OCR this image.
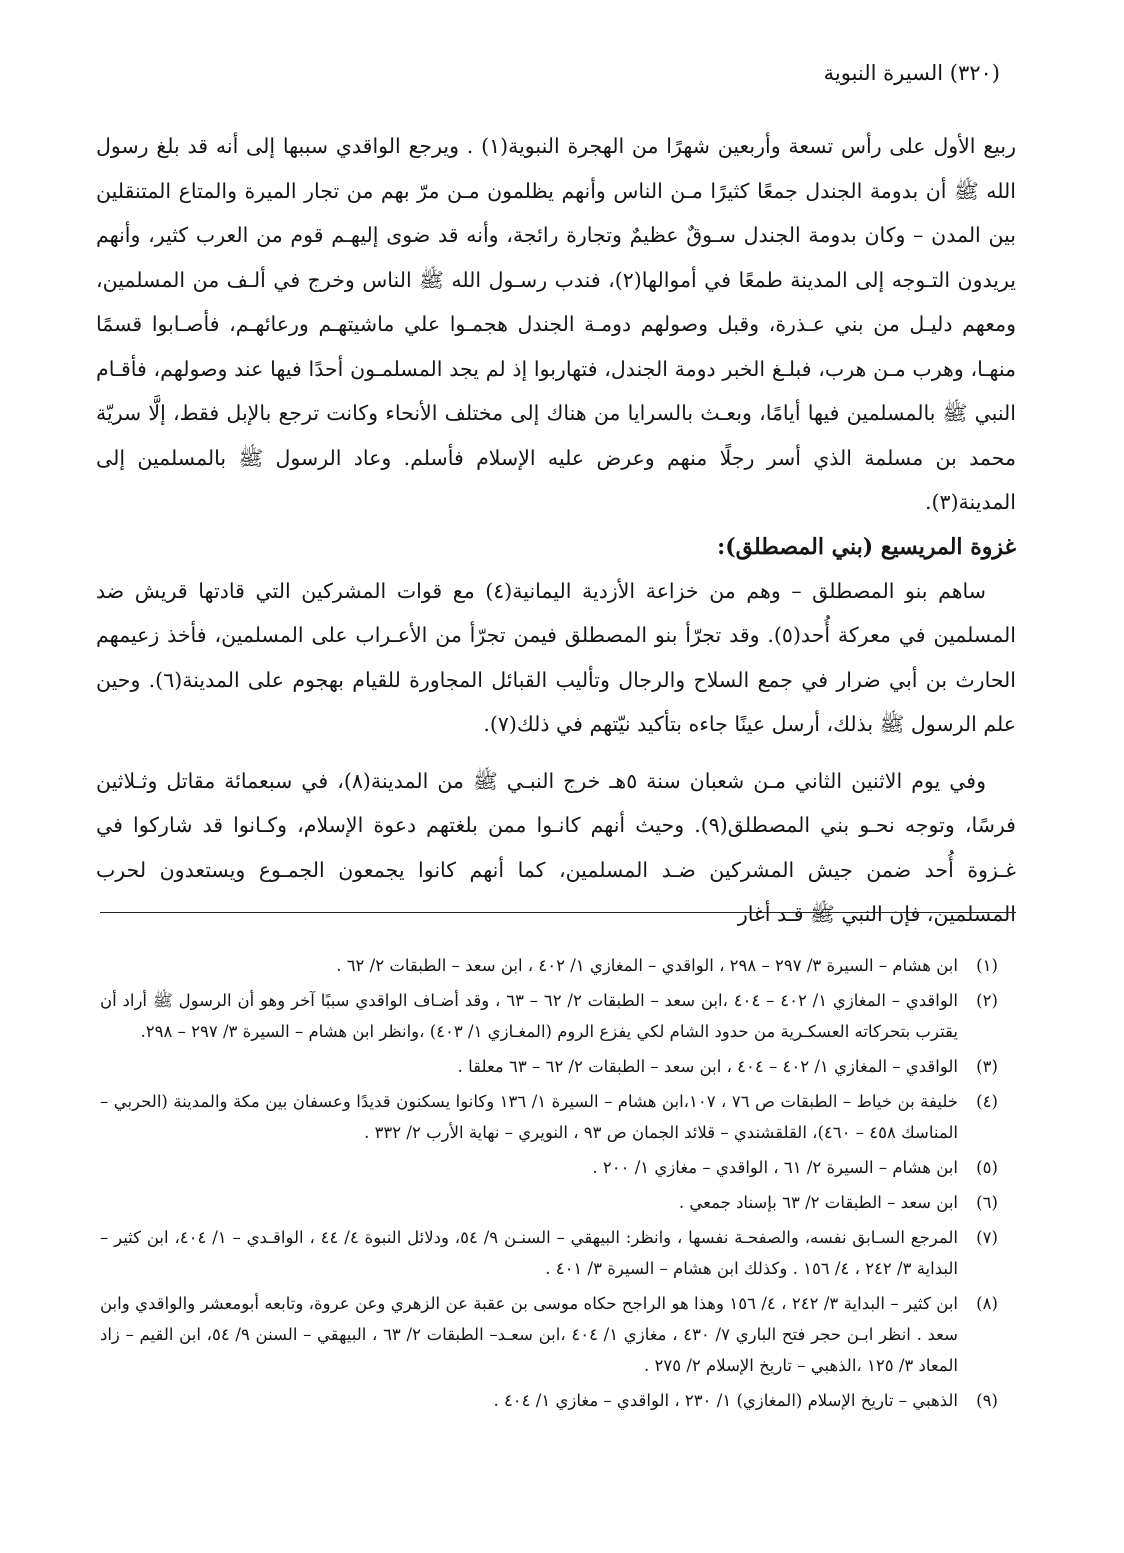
(٣٢٠) السيرة النبوية

ربيع الأول على رأس تسعة وأربعين شهرًا من الهجرة النبوية(١) . ويرجع الواقدي سببها إلى أنه قد بلغ رسول الله ﷺ أن بدومة الجندل جمعًا كثيرًا مـن الناس وأنهم يظلمون مـن مرّ بهم من تجار الميرة والمتاع المتنقلين بين المدن – وكان بدومة الجندل سـوقٌ عظيمٌ وتجارة رائجة، وأنه قد ضوى إليهـم قوم من العرب كثير، وأنهم يريدون التـوجه إلى المدينة طمعًا في أموالها(٢)، فندب رسـول الله ﷺ الناس وخرج في ألـف من المسلمين، ومعهم دليـل من بني عـذرة، وقبل وصولهم دومـة الجندل هجمـوا علي ماشيتهـم ورعائهـم، فأصـابوا قسمًا منهـا، وهرب مـن هرب، فبلـغ الخبر دومة الجندل، فتهاربوا إذ لم يجد المسلمـون أحدًا فيها عند وصولهم، فأقـام النبي ﷺ بالمسلمين فيها أيامًا، وبعـث بالسرايا من هناك إلى مختلف الأنحاء وكانت ترجع بالإبل فقط، إلَّا سريّة محمد بن مسلمة الذي أسر رجلًا منهم وعرض عليه الإسلام فأسلم. وعاد الرسول ﷺ بالمسلمين إلى المدينة(٣).

غزوة المريسيع (بني المصطلق):

ساهم بنو المصطلق – وهم من خزاعة الأزدية اليمانية(٤) مع قوات المشركين التي قادتها قريش ضد المسلمين في معركة أُحد(٥). وقد تجرّأ بنو المصطلق فيمن تجرّأ من الأعـراب على المسلمين، فأخذ زعيمهم الحارث بن أبي ضرار في جمع السلاح والرجال وتأليب القبائل المجاورة للقيام بهجوم على المدينة(٦). وحين علم الرسول ﷺ بذلك، أرسل عينًا جاءه بتأكيد نيّتهم في ذلك(٧).

وفي يوم الاثنين الثاني مـن شعبان سنة ٥هـ خرج النبـي ﷺ من المدينة(٨)، في سبعمائة مقاتل وثـلاثين فرسًا، وتوجه نحـو بني المصطلق(٩). وحيث أنهم كانـوا ممن بلغتهم دعوة الإسلام، وكـانوا قد شاركوا في غـزوة أُحد ضمن جيش المشركين ضـد المسلمين، كما أنهم كانوا يجمعون الجمـوع ويستعدون لحرب المسلمين، فإن النبي ﷺ قـد أغار

(١)
ابن هشام – السيرة ٣/ ٢٩٧ – ٢٩٨ ، الواقدي – المغازي ١/ ٤٠٢ ، ابن سعد – الطبقات ٢/ ٦٢ .
(٢)
الواقدي – المغازي ١/ ٤٠٢ – ٤٠٤ ،ابن سعد – الطبقات ٢/ ٦٢ – ٦٣ ، وقد أضـاف الواقدي سببًا آخر وهو أن الرسول ﷺ أراد أن يقترب بتحركاته العسكـرية من حدود الشام لكي يفزع الروم (المغـازي ١/ ٤٠٣) ،وانظر ابن هشام – السيرة ٣/ ٢٩٧ – ٢٩٨.
(٣)
الواقدي – المغازي ١/ ٤٠٢ – ٤٠٤ ، ابن سعد – الطبقات ٢/ ٦٢ – ٦٣ معلقا .
(٤)
خليفة بن خياط – الطبقات ص ٧٦ ، ١٠٧،ابن هشام – السيرة ١/ ١٣٦ وكانوا يسكنون قديدًا وعسفان بين مكة والمدينة (الحربي – المناسك ٤٥٨ – ٤٦٠)، القلقشندي – قلائد الجمان ص ٩٣ ، النويري – نهاية الأرب ٢/ ٣٣٢ .
(٥)
ابن هشام – السيرة ٢/ ٦١ ، الواقدي – مغازي ١/ ٢٠٠ .
(٦)
ابن سعد – الطبقات ٢/ ٦٣ بإسناد جمعي .
(٧)
المرجع السـابق نفسه، والصفحـة نفسها ، وانظر: البيهقي – السنـن ٩/ ٥٤، ودلائل النبوة ٤/ ٤٤ ، الواقـدي – ١/ ٤٠٤، ابن كثير – البداية ٣/ ٢٤٢ ، ٤/ ١٥٦ . وكذلك ابن هشام – السيرة ٣/ ٤٠١ .
(٨)
ابن كثير – البداية ٣/ ٢٤٢ ، ٤/ ١٥٦ وهذا هو الراجح حكاه موسى بن عقبة عن الزهري وعن عروة، وتابعه أبومعشر والواقدي وابن سعد . انظر ابـن حجر فتح الباري ٧/ ٤٣٠ ، مغازي ١/ ٤٠٤ ،ابن سعـد– الطبقات ٢/ ٦٣ ، البيهقي – السنن ٩/ ٥٤، ابن القيم – زاد المعاد ٣/ ١٢٥ ،الذهبي – تاريخ الإسلام ٢/ ٢٧٥ .
(٩)
الذهبي – تاريخ الإسلام (المغازي) ١/ ٢٣٠ ، الواقدي – مغازي ١/ ٤٠٤ .
